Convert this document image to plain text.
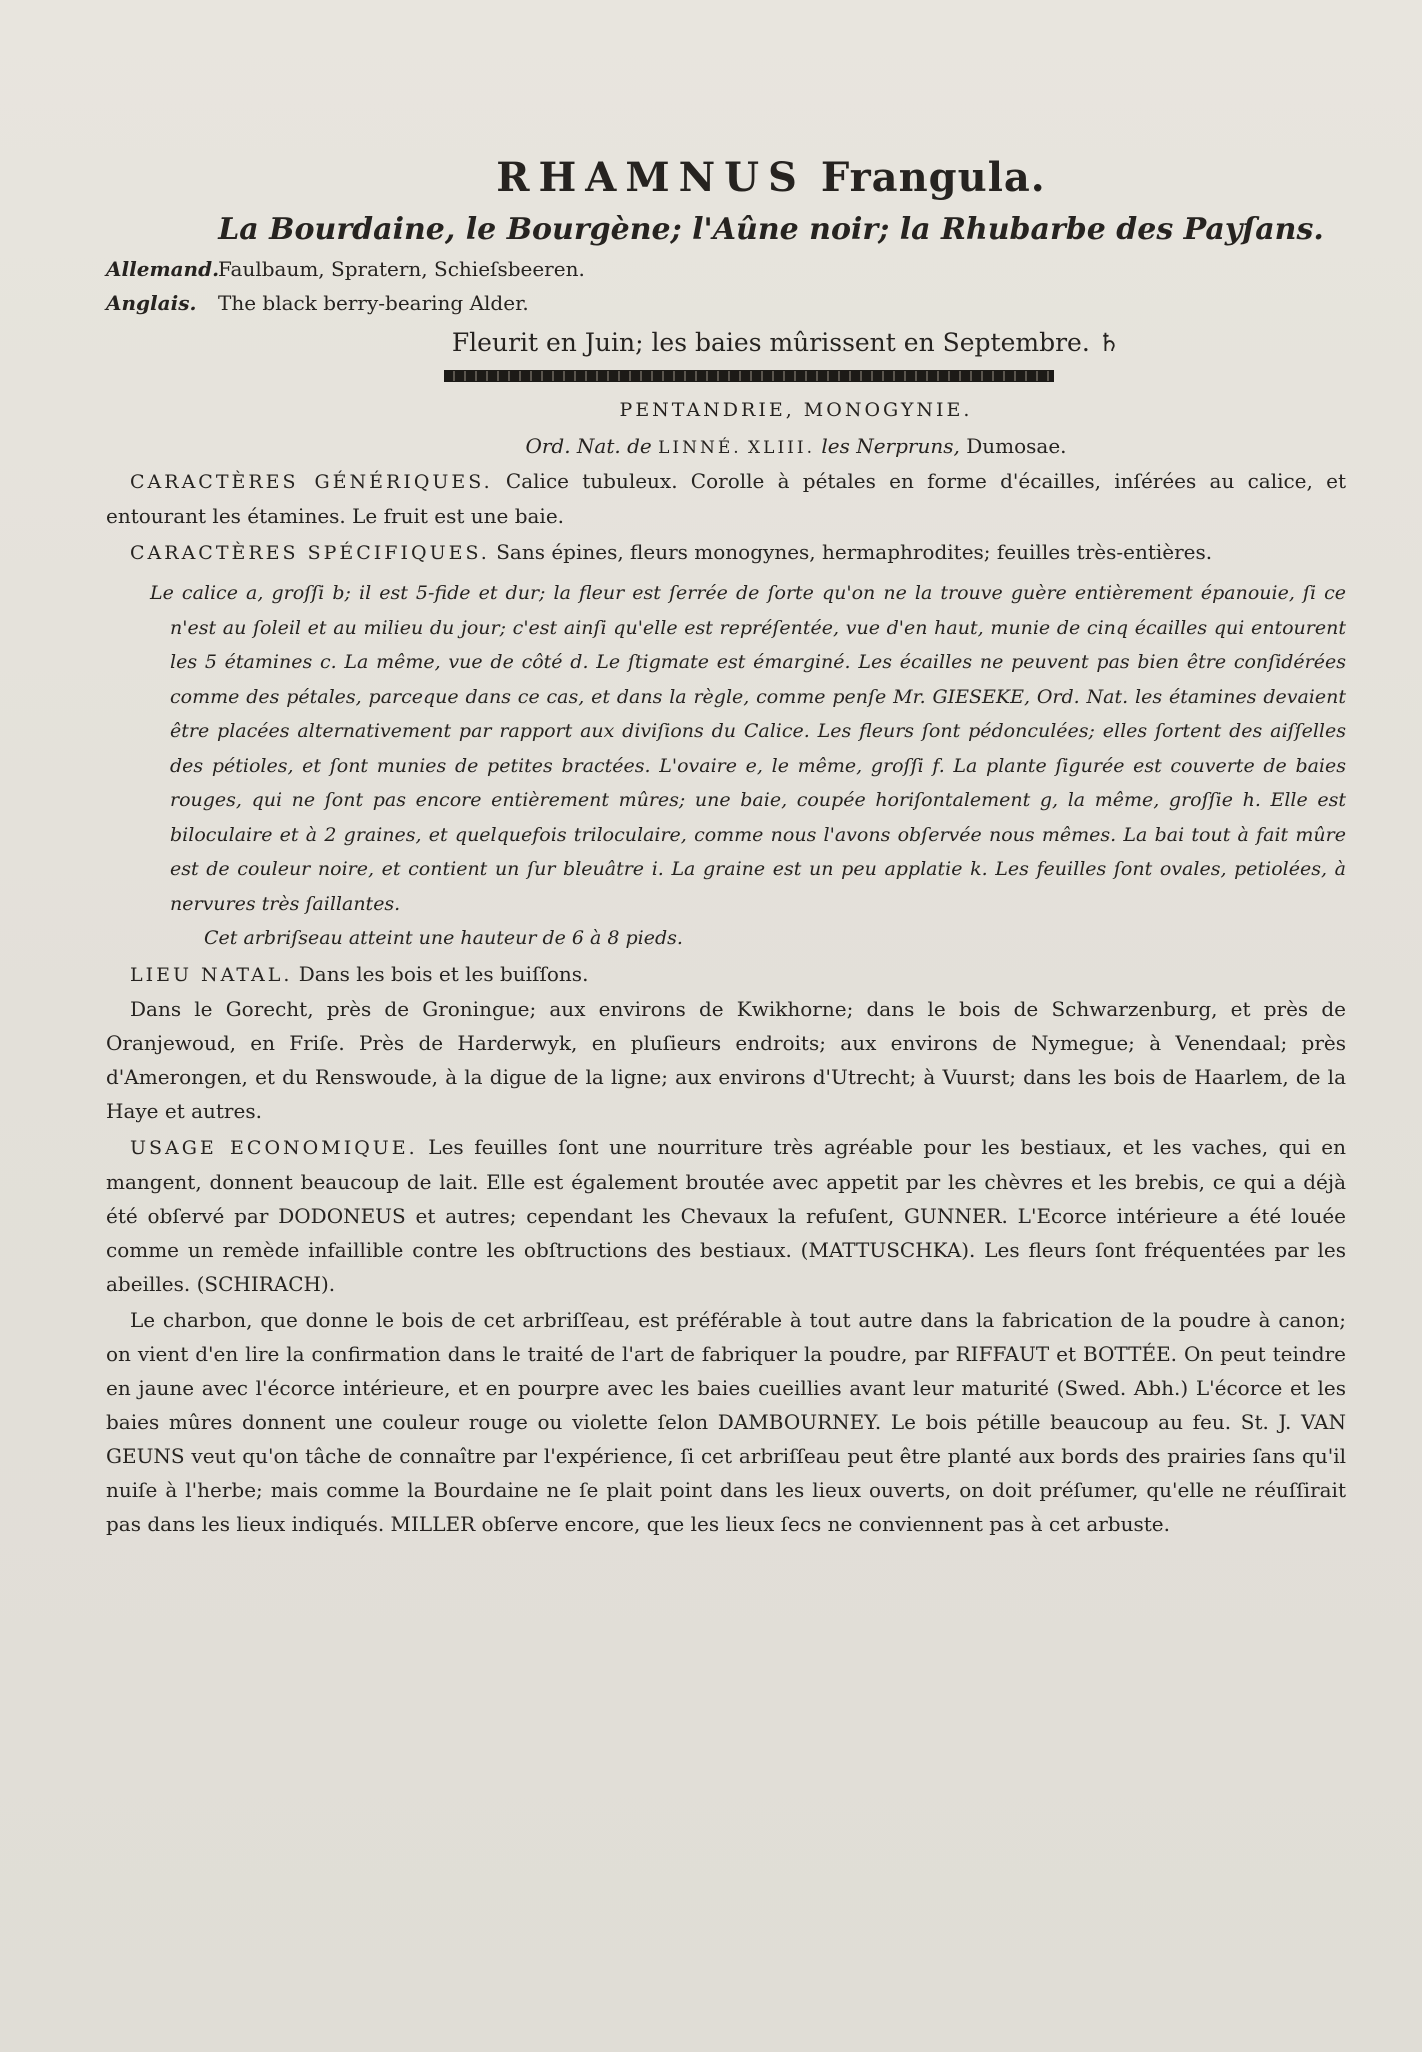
RHAMNUS Frangula.
La Bourdaine, le Bourgène; l'Aûne noir; la Rhubarbe des Payſans.
Allemand.
Faulbaum, Spratern, Schieſsbeeren.
Anglais.	The black berry-bearing Alder.
Fleurit en Juin; les baies mûrissent en Septembre. ♄
PENTANDRIE, MONOGYNIE.
Ord. Nat. de LINNÉ. XLIII. les Nerpruns, Dumosae.

CARACTÈRES GÉNÉRIQUES. Calice tubuleux. Corolle à pétales en forme d'écailles, inſérées au calice, et entourant les étamines. Le fruit est une baie.

CARACTÈRES SPÉCIFIQUES. Sans épines, fleurs monogynes, hermaphrodites; feuilles très-entières.

Le calice a, groſſi b; il est 5-fide et dur; la fleur est ſerrée de ſorte qu'on ne la trouve guère entièrement épanouie, ſi ce n'est au ſoleil et au milieu du jour; c'est ainſi qu'elle est repréſentée, vue d'en haut, munie de cinq écailles qui entourent les 5 étamines c. La même, vue de côté d. Le ſtigmate est émarginé. Les écailles ne peuvent pas bien être conſidérées comme des pétales, parceque dans ce cas, et dans la règle, comme penſe Mr. GIESEKE, Ord. Nat. les étamines devaient être placées alternativement par rapport aux diviſions du Calice. Les fleurs ſont pédonculées; elles ſortent des aiſſelles des pétioles, et ſont munies de petites bractées. L'ovaire e, le même, groſſi f. La plante ſigurée est couverte de baies rouges, qui ne ſont pas encore entièrement mûres; une baie, coupée horiſontalement g, la même, groſſie h. Elle est biloculaire et à 2 graines, et quelquefois triloculaire, comme nous l'avons obſervée nous mêmes. La bai tout à fait mûre est de couleur noire, et contient un ſur bleuâtre i. La graine est un peu applatie k. Les feuilles ſont ovales, petiolées, à nervures très ſaillantes.

Cet arbriſseau atteint une hauteur de 6 à 8 pieds.

LIEU NATAL. Dans les bois et les buiſſons.

Dans le Gorecht, près de Groningue; aux environs de Kwikhorne; dans le bois de Schwarzenburg, et près de Oranjewoud, en Friſe. Près de Harderwyk, en pluſieurs endroits; aux environs de Nymegue; à Venendaal; près d'Amerongen, et du Renswoude, à la digue de la ligne; aux environs d'Utrecht; à Vuurst; dans les bois de Haarlem, de la Haye et autres.

USAGE ECONOMIQUE. Les feuilles ſont une nourriture très agréable pour les bestiaux, et les vaches, qui en mangent, donnent beaucoup de lait. Elle est également broutée avec appetit par les chèvres et les brebis, ce qui a déjà été obſervé par DODONEUS et autres; cependant les Chevaux la refuſent, GUNNER. L'Ecorce intérieure a été louée comme un remède infaillible contre les obſtructions des bestiaux. (MATTUSCHKA). Les fleurs ſont fréquentées par les abeilles. (SCHIRACH).

Le charbon, que donne le bois de cet arbriſſeau, est préférable à tout autre dans la fabrication de la poudre à canon; on vient d'en lire la confirmation dans le traité de l'art de fabriquer la poudre, par RIFFAUT et BOTTÉE. On peut teindre en jaune avec l'écorce intérieure, et en pourpre avec les baies cueillies avant leur maturité (Swed. Abh.) L'écorce et les baies mûres donnent une couleur rouge ou violette ſelon DAMBOURNEY. Le bois pétille beaucoup au feu. St. J. VAN GEUNS veut qu'on tâche de connaître par l'expérience, ſi cet arbriſſeau peut être planté aux bords des prairies ſans qu'il nuiſe à l'herbe; mais comme la Bourdaine ne ſe plait point dans les lieux ouverts, on doit préſumer, qu'elle ne réuſſirait pas dans les lieux indiqués. MILLER obſerve encore, que les lieux ſecs ne conviennent pas à cet arbuste.
